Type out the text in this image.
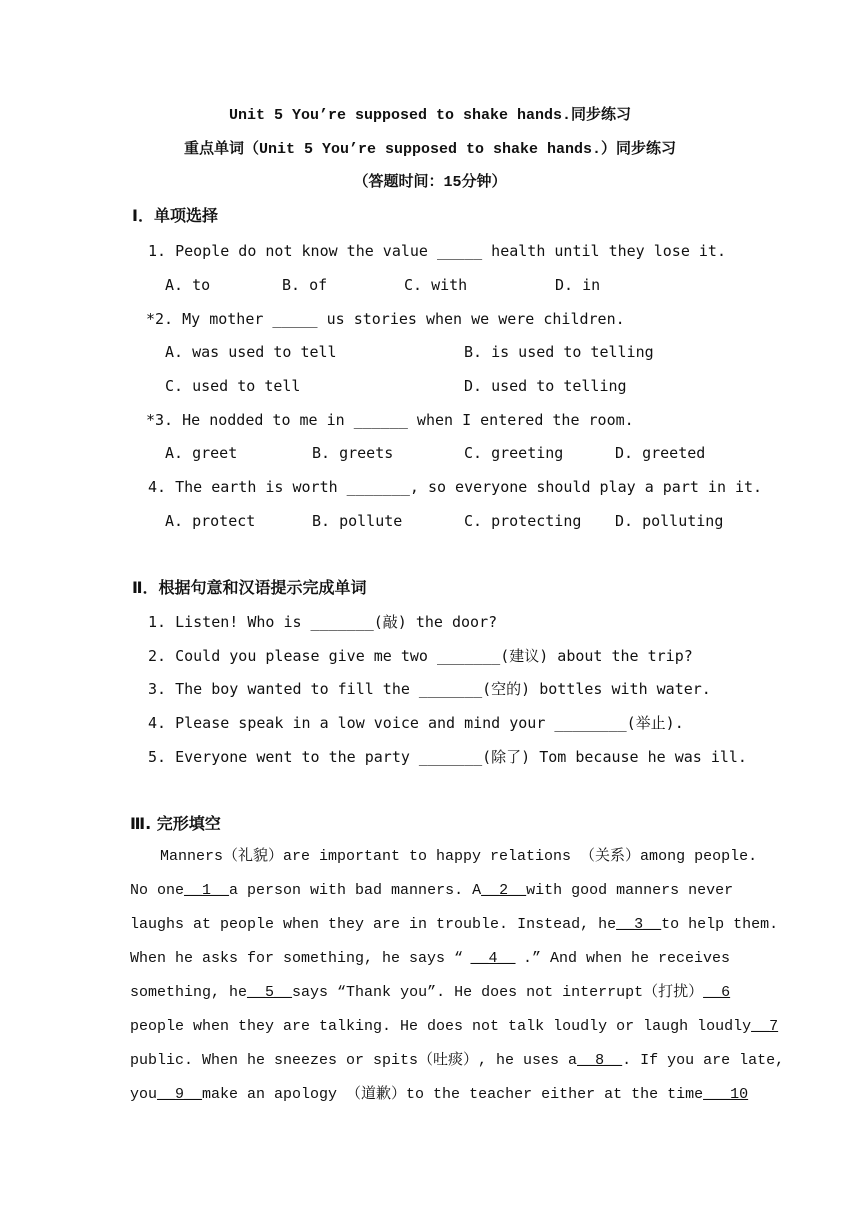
Unit 5 You’re supposed to shake hands.同步练习
重点单词（Unit 5 You’re supposed to shake hands.）同步练习
（答题时间：15分钟）
Ⅰ．单项选择
1. People do not know the value _____ health until they lose it.
A. to	B. of	C. with	D. in
*2. My mother _____ us stories when we were children.
A. was used to tell	B. is used to telling
C. used to tell	D. used to telling
*3. He nodded to me in ______ when I entered the room.
A. greet	B. greets	C. greeting	D. greeted
4. The earth is worth _______, so everyone should play a part in it.
A. protect	B. pollute	C. protecting D. polluting
Ⅱ．根据句意和汉语提示完成单词
1. Listen! Who is _______(敲) the door?
2. Could you please give me two _______(建议) about the trip?
3. The boy wanted to fill the _______(空的) bottles with water.
4. Please speak in a low voice and mind your ________(举止).
5. Everyone went to the party _______(除了) Tom because he was ill.
Ⅲ. 完形填空
　　Manners（礼貌）are important to happy relations （关系）among people.
No one __1__ a person with bad manners. A __2__ with good manners never
laughs at people when they are in trouble. Instead, he __3__ to help them.
When he asks for something, he says “ __4__ .” And when he receives
something, he __5__ says “Thank you”. He does not interrupt（打扰） __6
people when they are talking. He does not talk loudly or laugh loudly __7
public. When he sneezes or spits（吐痰）, he uses a __8__ . If you are late,
you __9__ make an apology （道歉）to the teacher either at the time ___10
